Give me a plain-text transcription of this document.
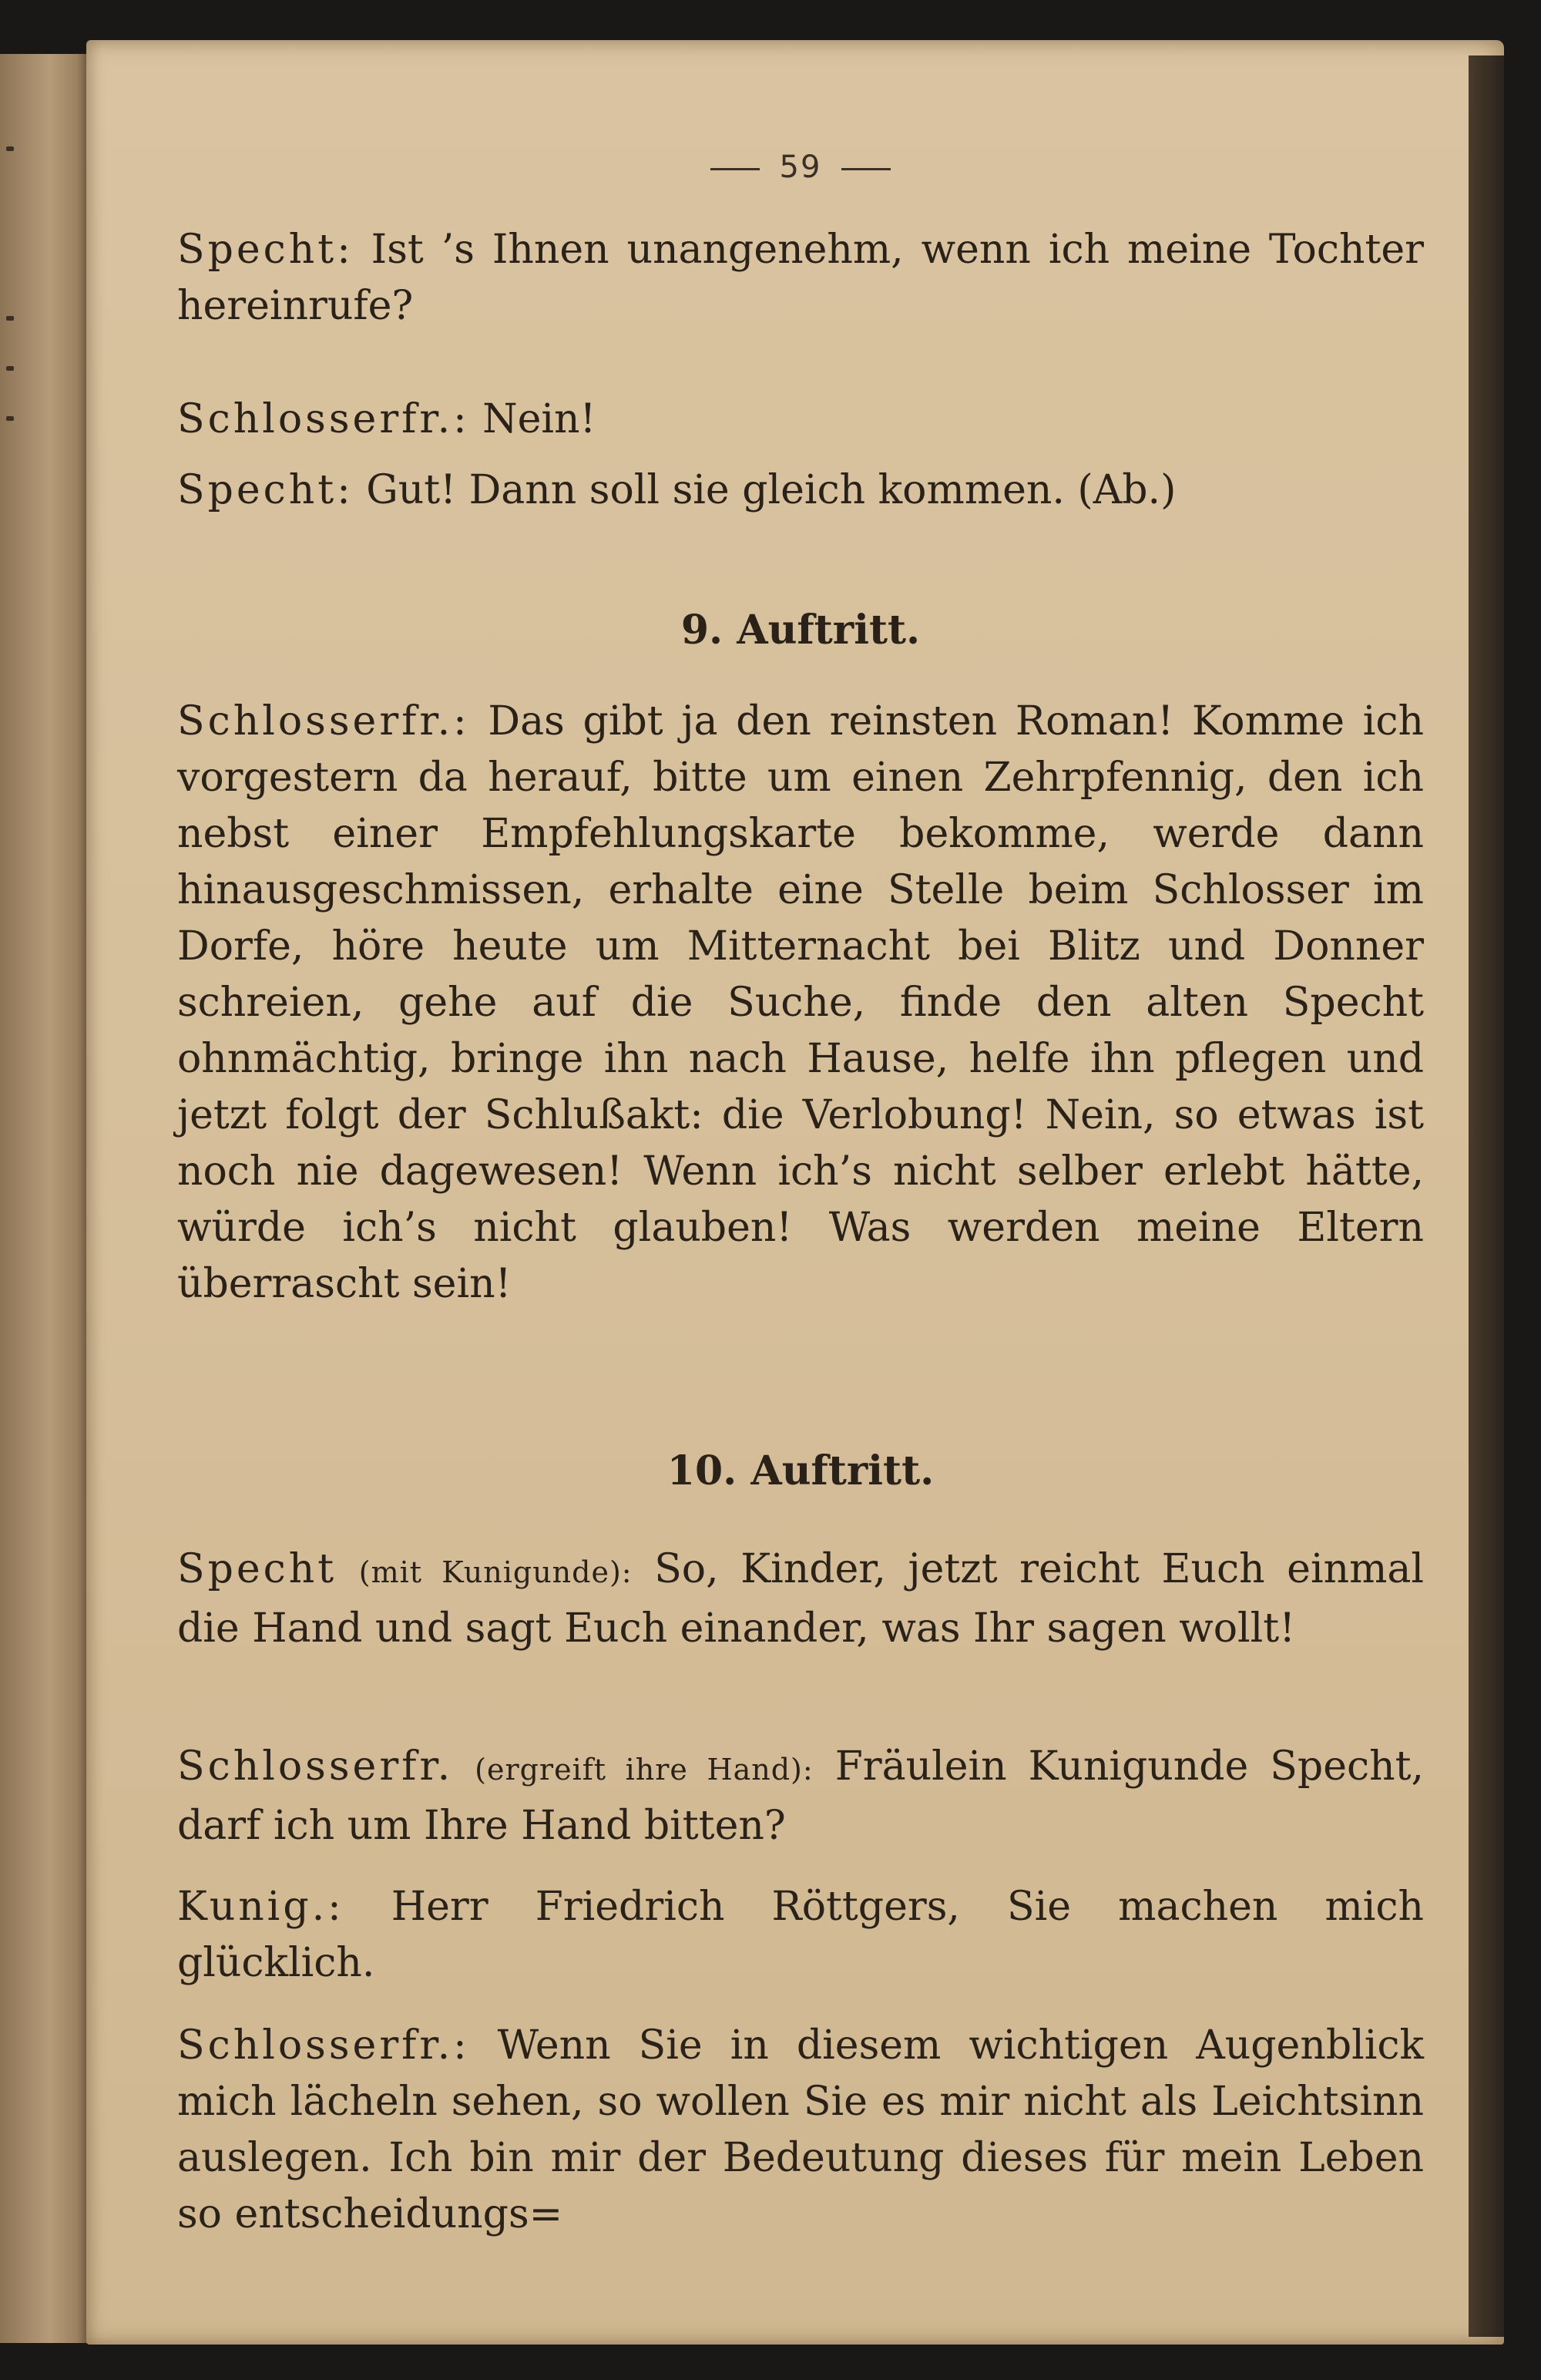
59
Specht: Ist ’s Ihnen unangenehm, wenn ich meine Tochter hereinrufe?
Schlosserfr.: Nein!
Specht: Gut! Dann soll sie gleich kommen. (Ab.)
9. Auftritt.
Schlosserfr.: Das gibt ja den reinsten Roman! Komme ich vorgestern da herauf, bitte um einen Zehrpfennig, den ich nebst einer Empfehlungskarte bekomme, werde dann hinausgeschmissen, erhalte eine Stelle beim Schlosser im Dorfe, höre heute um Mitternacht bei Blitz und Donner schreien, gehe auf die Suche, finde den alten Specht ohnmächtig, bringe ihn nach Hause, helfe ihn pflegen und jetzt folgt der Schlußakt: die Verlobung! Nein, so etwas ist noch nie dagewesen! Wenn ich’s nicht selber erlebt hätte, würde ich’s nicht glauben! Was werden meine Eltern überrascht sein!
10. Auftritt.
Specht (mit Kunigunde): So, Kinder, jetzt reicht Euch einmal die Hand und sagt Euch einander, was Ihr sagen wollt!
Schlosserfr. (ergreift ihre Hand): Fräulein Kunigunde Specht, darf ich um Ihre Hand bitten?
Kunig.: Herr Friedrich Röttgers, Sie machen mich glücklich.
Schlosserfr.: Wenn Sie in diesem wichtigen Augenblick mich lächeln sehen, so wollen Sie es mir nicht als Leichtsinn auslegen. Ich bin mir der Bedeutung dieses für mein Leben so entscheidungs=
